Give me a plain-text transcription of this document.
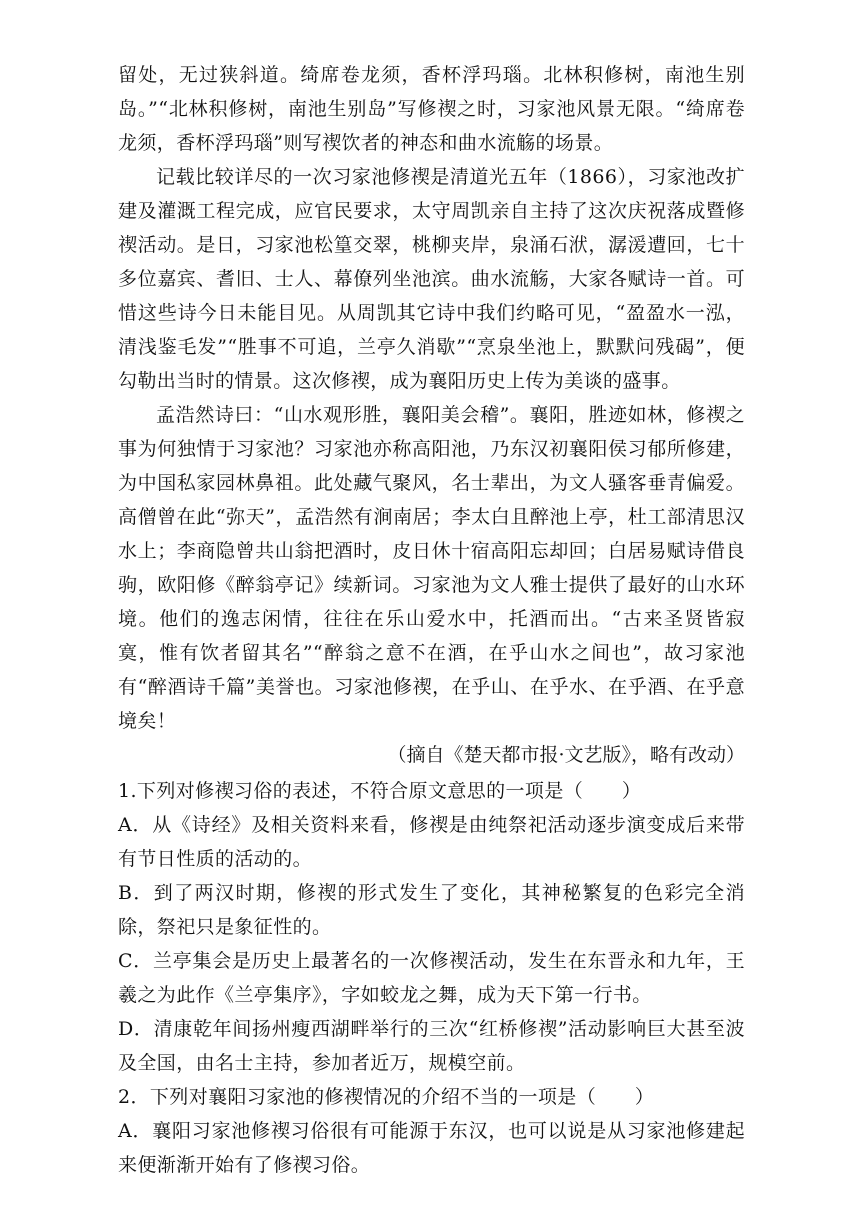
留处，无过狭斜道。绮席卷龙须，香杯浮玛瑙。北林积修树，南池生别岛。”“北林积修树，南池生别岛”写修禊之时，习家池风景无限。“绮席卷龙须，香杯浮玛瑙”则写禊饮者的神态和曲水流觞的场景。

记载比较详尽的一次习家池修禊是清道光五年（1866），习家池改扩建及灌溉工程完成，应官民要求，太守周凯亲自主持了这次庆祝落成暨修禊活动。是日，习家池松篁交翠，桃柳夹岸，泉涌石洑，潺湲遭回，七十多位嘉宾、耆旧、士人、幕僚列坐池滨。曲水流觞，大家各赋诗一首。可惜这些诗今日未能目见。从周凯其它诗中我们约略可见，“盈盈水一泓，清浅鉴毛发”“胜事不可追，兰亭久消歇”“烹泉坐池上，默默问残碣”，便勾勒出当时的情景。这次修禊，成为襄阳历史上传为美谈的盛事。

孟浩然诗曰：“山水观形胜，襄阳美会稽”。襄阳，胜迹如林，修禊之事为何独情于习家池？习家池亦称高阳池，乃东汉初襄阳侯习郁所修建，为中国私家园林鼻祖。此处藏气聚风，名士辈出，为文人骚客垂青偏爱。高僧曾在此“弥天”，孟浩然有涧南居；李太白且醉池上亭，杜工部清思汉水上；李商隐曾共山翁把酒时，皮日休十宿高阳忘却回；白居易赋诗借良驹，欧阳修《醉翁亭记》续新词。习家池为文人雅士提供了最好的山水环境。他们的逸志闲情，往往在乐山爱水中，托酒而出。“古来圣贤皆寂寞，惟有饮者留其名”“醉翁之意不在酒，在乎山水之间也”，故习家池有“醉酒诗千篇”美誉也。习家池修禊，在乎山、在乎水、在乎酒、在乎意境矣！

（摘自《楚天都市报·文艺版》，略有改动）

1.下列对修禊习俗的表述，不符合原文意思的一项是（　　）

A．从《诗经》及相关资料来看，修禊是由纯祭祀活动逐步演变成后来带有节日性质的活动的。

B．到了两汉时期，修禊的形式发生了变化，其神秘繁复的色彩完全消除，祭祀只是象征性的。

C．兰亭集会是历史上最著名的一次修禊活动，发生在东晋永和九年，王羲之为此作《兰亭集序》，字如蛟龙之舞，成为天下第一行书。

D．清康乾年间扬州瘦西湖畔举行的三次“红桥修禊”活动影响巨大甚至波及全国，由名士主持，参加者近万，规模空前。

2．下列对襄阳习家池的修禊情况的介绍不当的一项是（　　）

A．襄阳习家池修禊习俗很有可能源于东汉，也可以说是从习家池修建起来便渐渐开始有了修禊习俗。
